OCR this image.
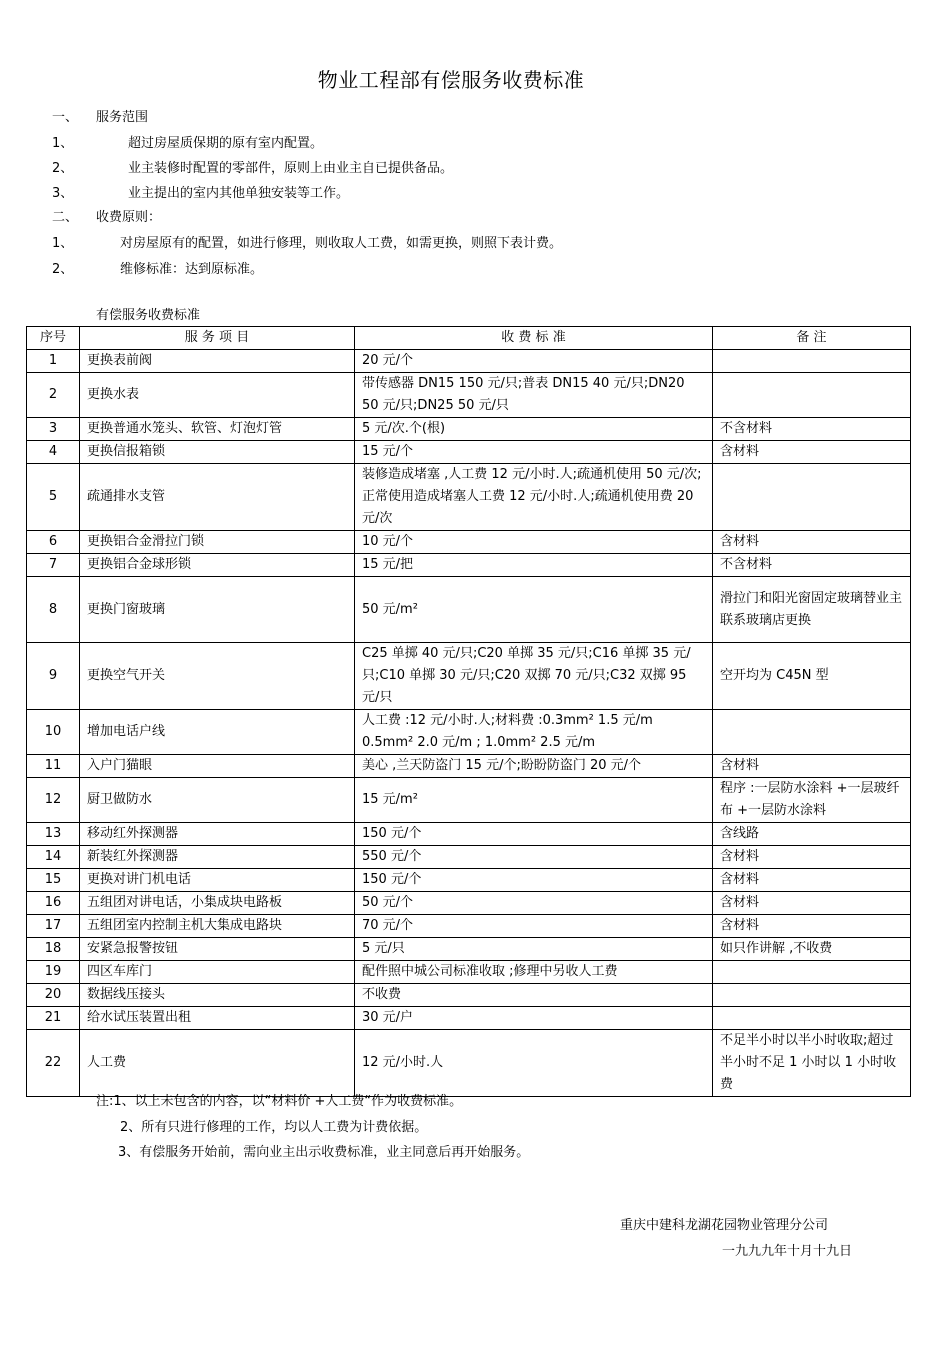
物业工程部有偿服务收费标准
一、 服务范围
1、	超过房屋质保期的原有室内配置。
2、	业主装修时配置的零部件，原则上由业主自已提供备品。
3、	业主提出的室内其他单独安装等工作。
二、 收费原则：
1、	对房屋原有的配置，如进行修理，则收取人工费，如需更换，则照下表计费。
2、	维修标准：达到原标准。
有偿服务收费标准
序号	服 务 项 目	收 费 标 准	备 注
1	更换表前阀	20 元/个	
2	更换水表	带传感器 DN15 150 元/只;普表 DN15 40 元/只;DN20 50 元/只;DN25 50 元/只	
3	更换普通水笼头、软管、灯泡灯管	5 元/次.个(根)	不含材料
4	更换信报箱锁	15 元/个	含材料
5	疏通排水支管	装修造成堵塞 ,人工费 12 元/小时.人;疏通机使用 50 元/次;正常使用造成堵塞人工费 12 元/小时.人;疏通机使用费 20 元/次	
6	更换铝合金滑拉门锁	10 元/个	含材料
7	更换铝合金球形锁	15 元/把	不含材料
8	更换门窗玻璃	50 元/m²	滑拉门和阳光窗固定玻璃替业主联系玻璃店更换
9	更换空气开关	C25 单掷 40 元/只;C20 单掷 35 元/只;C16 单掷 35 元/只;C10 单掷 30 元/只;C20 双掷 70 元/只;C32 双掷 95 元/只	空开均为 C45N 型
10	增加电话户线	人工费 :12 元/小时.人;材料费 :0.3mm² 1.5 元/m 0.5mm² 2.0 元/m ; 1.0mm² 2.5 元/m	
11	入户门猫眼	美心 ,兰天防盗门 15 元/个;盼盼防盗门 20 元/个	含材料
12	厨卫做防水	15 元/m²	程序 :一层防水涂料 +一层玻纤布 +一层防水涂料
13	移动红外探测器	150 元/个	含线路
14	新装红外探测器	550 元/个	含材料
15	更换对讲门机电话	150 元/个	含材料
16	五组团对讲电话，小集成块电路板	50 元/个	含材料
17	五组团室内控制主机大集成电路块	70 元/个	含材料
18	安紧急报警按钮	5 元/只	如只作讲解 ,不收费
19	四区车库门	配件照中城公司标准收取 ;修理中另收人工费	
20	数据线压接头	不收费	
21	给水试压装置出租	30 元/户	
22	人工费	12 元/小时.人	不足半小时以半小时收取;超过半小时不足 1 小时以 1 小时收费
注:1、以上未包含的内容，以“材料价 +人工费“作为收费标准。
2、所有只进行修理的工作，均以人工费为计费依据。
3、有偿服务开始前，需向业主出示收费标准，业主同意后再开始服务。
重庆中建科龙湖花园物业管理分公司
一九九九年十月十九日
